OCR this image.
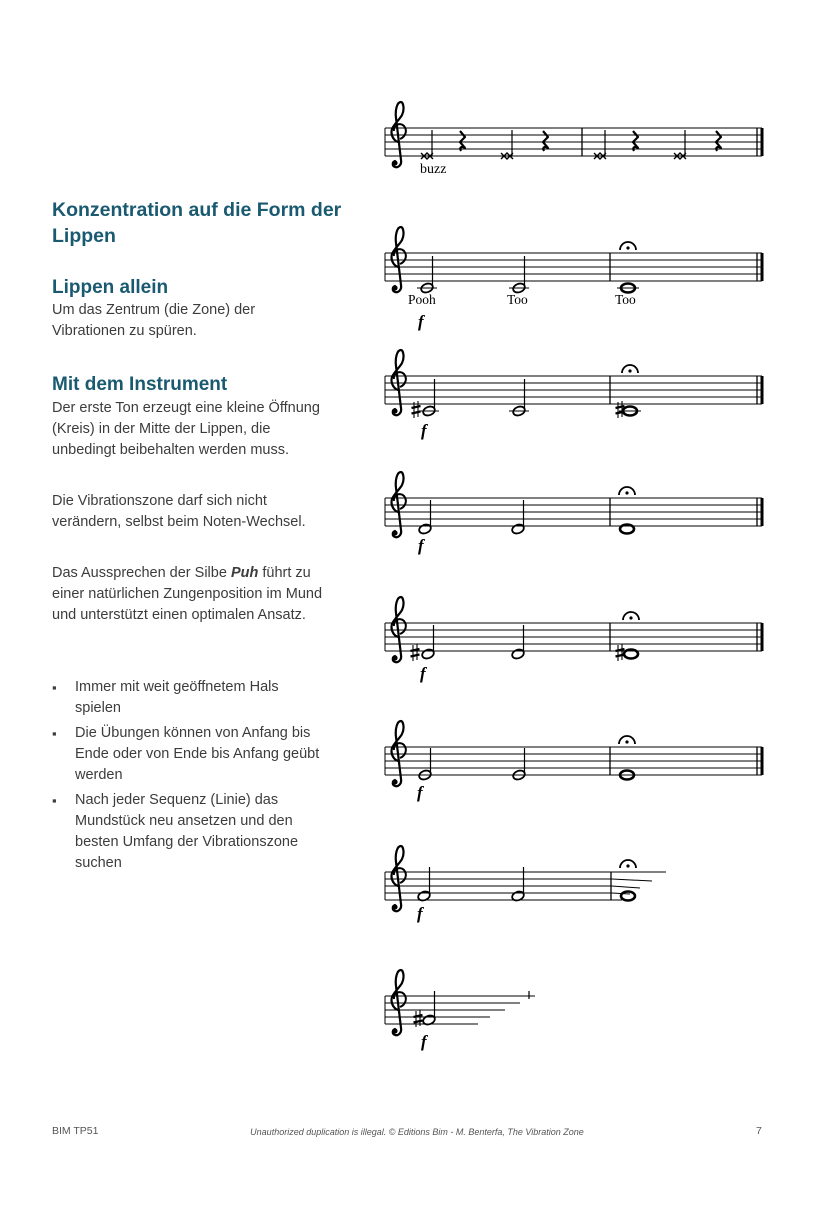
Konzentration auf die Form der Lippen
Lippen allein
Um das Zentrum (die Zone) der Vibrationen zu spüren.
Mit dem Instrument
Der erste Ton erzeugt eine kleine Öffnung (Kreis) in der Mitte der Lippen, die unbedingt beibehalten werden muss.
Die Vibrationszone darf sich nicht verändern, selbst beim Noten-Wechsel.
Das Aussprechen der Silbe Puh führt zu einer natürlichen Zungenposition im Mund und unterstützt einen optimalen Ansatz.
▪ Immer mit weit geöffnetem Hals spielen
▪ Die Übungen können von Anfang bis Ende oder von Ende bis Anfang geübt werden
▪ Nach jeder Sequenz (Linie) das Mundstück neu ansetzen und den besten Umfang der Vibrationszone suchen
buzz
Pooh	Too	Too
f
f
f
f
f
f
f
BIM TP51	Unauthorized duplication is illegal. © Editions Bim - M. Benterfa, The Vibration Zone	7
